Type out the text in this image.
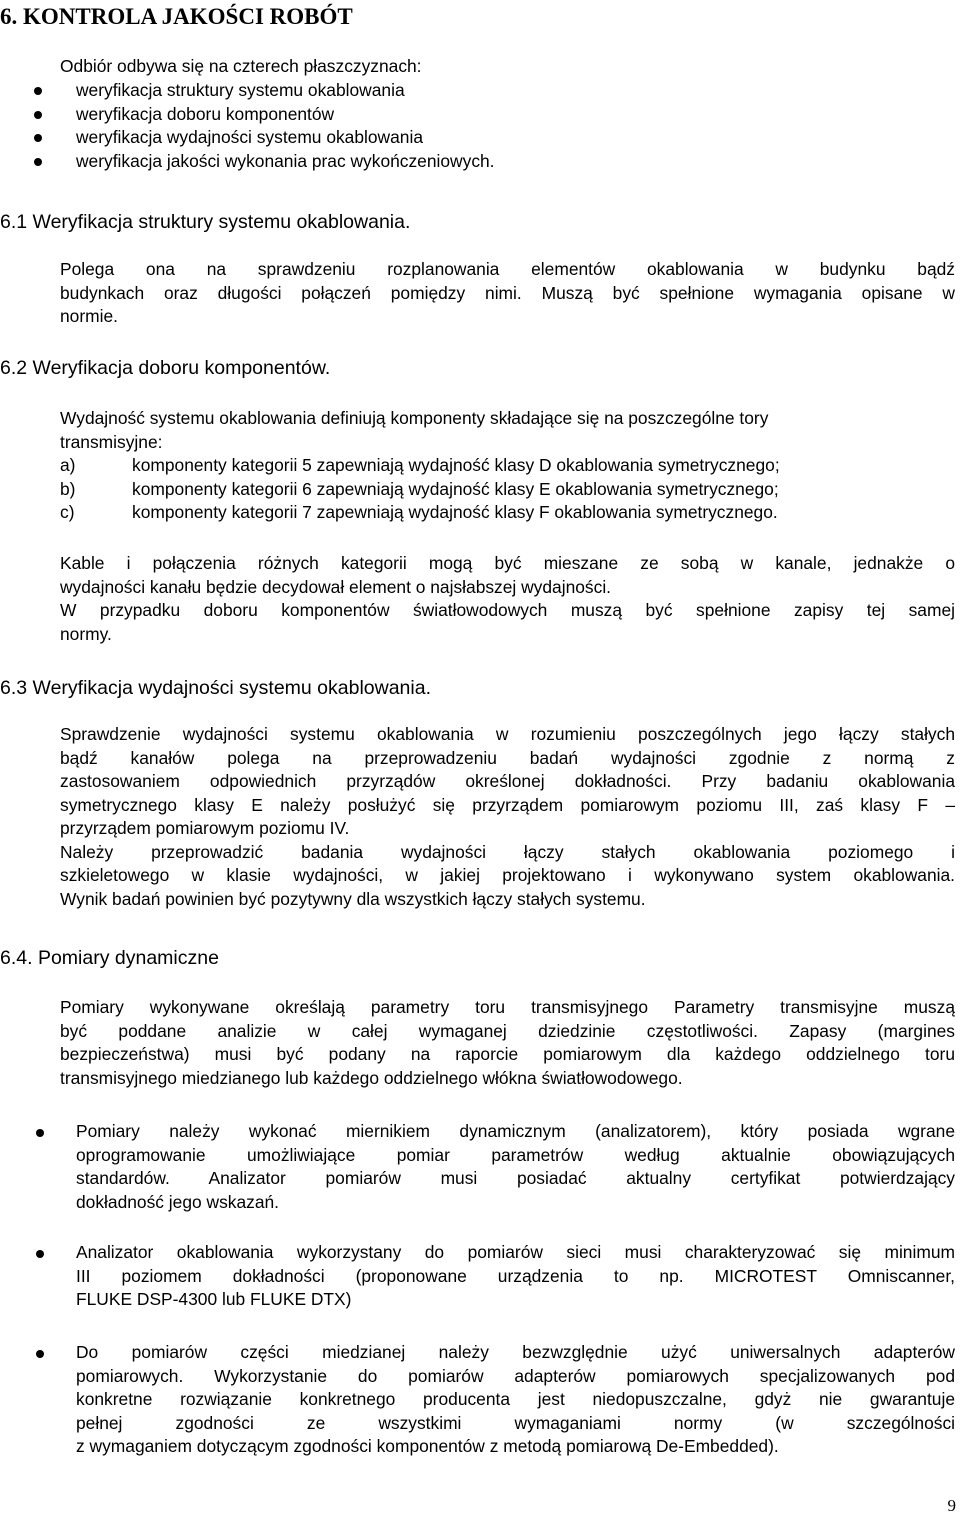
6. KONTROLA JAKOŚCI ROBÓT
Odbiór odbywa się na czterech płaszczyznach:
weryfikacja struktury systemu okablowania
weryfikacja doboru komponentów
weryfikacja wydajności systemu okablowania
weryfikacja jakości wykonania prac wykończeniowych.
6.1 Weryfikacja struktury systemu okablowania.
Polega ona na sprawdzeniu rozplanowania elementów okablowania w budynku bądź
budynkach oraz długości połączeń pomiędzy nimi. Muszą być spełnione wymagania opisane w
normie.
6.2 Weryfikacja doboru komponentów.
Wydajność systemu okablowania definiują komponenty składające się na poszczególne tory
transmisyjne:
a)	komponenty kategorii 5 zapewniają wydajność klasy D okablowania symetrycznego;
b)	komponenty kategorii 6 zapewniają wydajność klasy E okablowania symetrycznego;
c)	komponenty kategorii 7 zapewniają wydajność klasy F okablowania symetrycznego.
Kable i połączenia różnych kategorii mogą być mieszane ze sobą w kanale, jednakże o
wydajności kanału będzie decydował element o najsłabszej wydajności.
W przypadku doboru komponentów światłowodowych muszą być spełnione zapisy tej samej
normy.
6.3 Weryfikacja wydajności systemu okablowania.
Sprawdzenie wydajności systemu okablowania w rozumieniu poszczególnych jego łączy stałych
bądź kanałów polega na przeprowadzeniu badań wydajności zgodnie z normą z
zastosowaniem odpowiednich przyrządów określonej dokładności. Przy badaniu okablowania
symetrycznego klasy E należy posłużyć się przyrządem pomiarowym poziomu III, zaś klasy F –
przyrządem pomiarowym poziomu IV.
Należy przeprowadzić badania wydajności łączy stałych okablowania poziomego i
szkieletowego w klasie wydajności, w jakiej projektowano i wykonywano system okablowania.
Wynik badań powinien być pozytywny dla wszystkich łączy stałych systemu.
6.4. Pomiary dynamiczne
Pomiary wykonywane określają parametry toru transmisyjnego Parametry transmisyjne muszą
być poddane analizie w całej wymaganej dziedzinie częstotliwości. Zapasy (margines
bezpieczeństwa) musi być podany na raporcie pomiarowym dla każdego oddzielnego toru
transmisyjnego miedzianego lub każdego oddzielnego włókna światłowodowego.
Pomiary należy wykonać miernikiem dynamicznym (analizatorem), który posiada wgrane
oprogramowanie umożliwiające pomiar parametrów według aktualnie obowiązujących
standardów. Analizator pomiarów musi posiadać aktualny certyfikat potwierdzający
dokładność jego wskazań.
Analizator okablowania wykorzystany do pomiarów sieci musi charakteryzować się minimum
III poziomem dokładności (proponowane urządzenia to np. MICROTEST Omniscanner,
FLUKE DSP-4300 lub FLUKE DTX)
Do pomiarów części miedzianej należy bezwzględnie użyć uniwersalnych adapterów
pomiarowych. Wykorzystanie do pomiarów adapterów pomiarowych specjalizowanych pod
konkretne rozwiązanie konkretnego producenta jest niedopuszczalne, gdyż nie gwarantuje
pełnej zgodności ze wszystkimi wymaganiami normy (w szczególności
z wymaganiem dotyczącym zgodności komponentów z metodą pomiarową De-Embedded).
9
